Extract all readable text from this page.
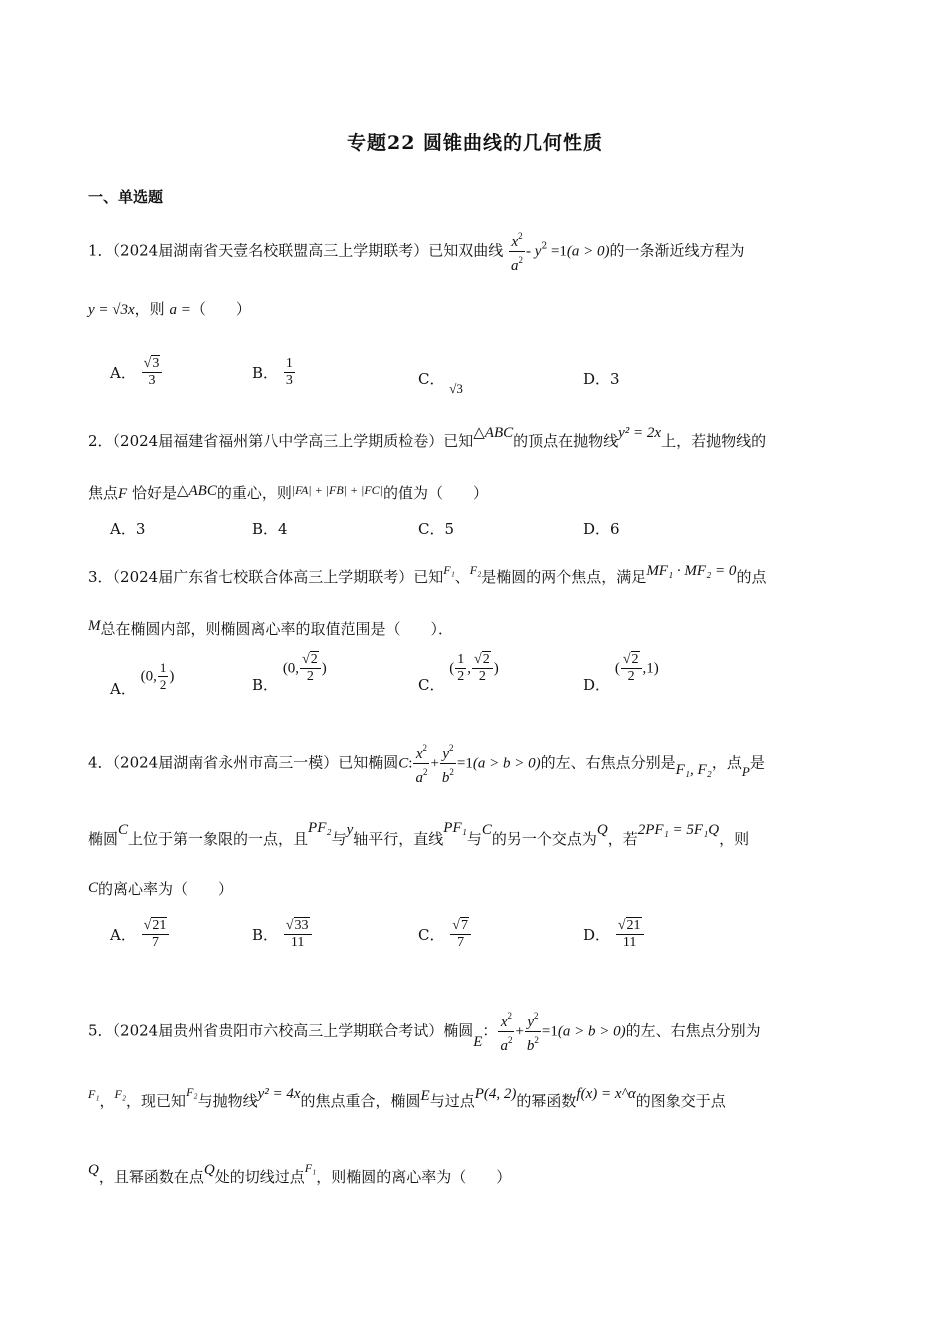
专题22 圆锥曲线的几何性质
一、单选题
1．（2024届湖南省天壹名校联盟高三上学期联考）已知双曲线 $\frac{x^2}{a^2} - y^2 =1(a > 0)$的一条渐近线方程为
y = √3x，则 a =（　　）
A． $\frac{√3}{3}$	B． $\frac{1}{3}$	C． √3	D．3
2．（2024届福建省福州第八中学高三上学期质检卷）已知△ABC的顶点在抛物线y² = 2x上，若抛物线的
焦点F 恰好是△ABC的重心，则$^{|FA| + |FB| + |FC|}$的值为（　　）
A．3	B．4	C．5	D．6
3．（2024届广东省七校联合体高三上学期联考）已知$^{F_1}$、$^{F_2}$是椭圆的两个焦点，满足MF₁ · MF₂ = 0的点
M总在椭圆内部，则椭圆离心率的取值范围是（　　）．
A． (0, $\frac{1}{2}$ )	B． (0, $\frac{√2}{2}$ )
C． ( $\frac{1}{2}$ , $\frac{√2}{2}$ )
D． ( $\frac{√2}{2} ,1$)
4．（2024届湖南省永州市高三一模）已知椭圆C: $\frac{x^2}{a^2} + \frac{y^2}{b^2} =1(a > b > 0)$的左、右焦点分别是F₁, F₂，点P是
椭圆C上位于第一象限的一点，且PF₂与y轴平行，直线PF₁与C的另一个交点为Q，若2PF₁ = 5F₁Q，则
C的离心率为（　　）
A． $\frac{√21}{7}$	B． $\frac{√33}{11}$	C． $\frac{√7}{7}$	D． $\frac{√21}{11}$
5．（2024届贵州省贵阳市六校高三上学期联合考试）椭圆E： $\frac{x^2}{a^2} + \frac{y^2}{b^2} =1(a > b > 0)$的左、右焦点分别为
$^{F_1}$，$^{F_2}$，现已知$^{F_2}$与抛物线y² = 4x的焦点重合，椭圆E与过点P(4, 2)的幂函数f(x) = x^α的图象交于点
Q，且幂函数在点Q处的切线过点$^{F_1}$，则椭圆的离心率为（　　）
